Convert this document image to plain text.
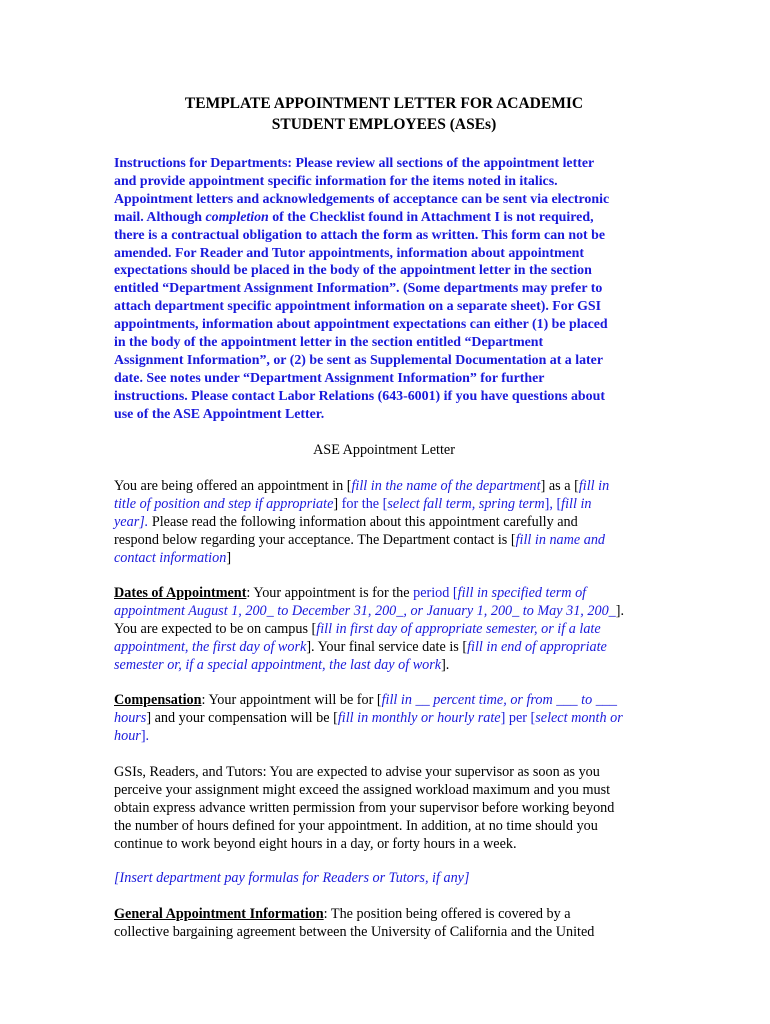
TEMPLATE APPOINTMENT LETTER FOR ACADEMIC
STUDENT EMPLOYEES (ASEs)
Instructions for Departments: Please review all sections of the appointment letter
and provide appointment specific information for the items noted in italics.
Appointment letters and acknowledgements of acceptance can be sent via electronic
mail. Although completion of the Checklist found in Attachment I is not required,
there is a contractual obligation to attach the form as written. This form can not be
amended. For Reader and Tutor appointments, information about appointment
expectations should be placed in the body of the appointment letter in the section
entitled “Department Assignment Information”. (Some departments may prefer to
attach department specific appointment information on a separate sheet). For GSI
appointments, information about appointment expectations can either (1) be placed
in the body of the appointment letter in the section entitled “Department
Assignment Information”, or (2) be sent as Supplemental Documentation at a later
date. See notes under “Department Assignment Information” for further
instructions. Please contact Labor Relations (643-6001) if you have questions about
use of the ASE Appointment Letter.
ASE Appointment Letter
You are being offered an appointment in [fill in the name of the department] as a [fill in
title of position and step if appropriate] for the [select fall term, spring term], [fill in
year]. Please read the following information about this appointment carefully and
respond below regarding your acceptance. The Department contact is [fill in name and
contact information]
Dates of Appointment: Your appointment is for the period [fill in specified term of
appointment August 1, 200_ to December 31, 200_, or January 1, 200_ to May 31, 200_].
You are expected to be on campus [fill in first day of appropriate semester, or if a late
appointment, the first day of work]. Your final service date is [fill in end of appropriate
semester or, if a special appointment, the last day of work].
Compensation: Your appointment will be for [fill in __ percent time, or from ___ to ___
hours] and your compensation will be [fill in monthly or hourly rate] per [select month or
hour].
GSIs, Readers, and Tutors: You are expected to advise your supervisor as soon as you
perceive your assignment might exceed the assigned workload maximum and you must
obtain express advance written permission from your supervisor before working beyond
the number of hours defined for your appointment. In addition, at no time should you
continue to work beyond eight hours in a day, or forty hours in a week.
[Insert department pay formulas for Readers or Tutors, if any]
General Appointment Information: The position being offered is covered by a
collective bargaining agreement between the University of California and the United
